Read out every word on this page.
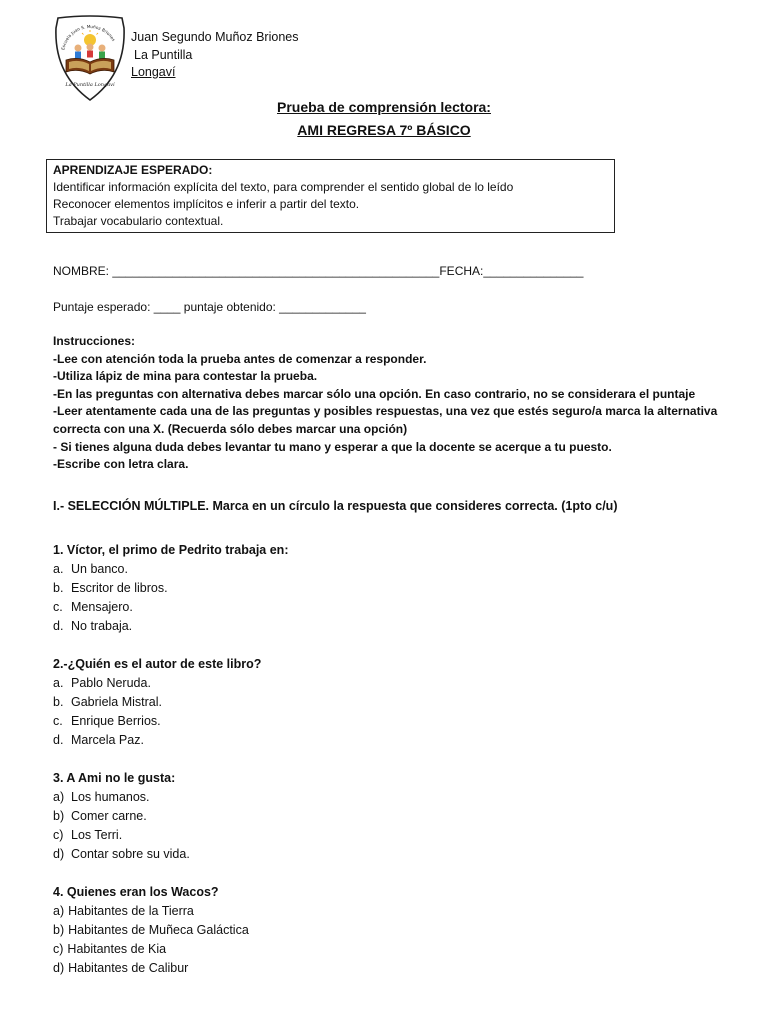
Escuela Juan S. Muñoz Briones
La Puntilla Longaví
Juan Segundo Muñoz Briones
La Puntilla
Longaví
Prueba de comprensión lectora:
AMI REGRESA 7º BÁSICO
APRENDIZAJE ESPERADO:
Identificar información explícita del texto, para comprender el sentido global de lo leído
Reconocer elementos implícitos e inferir a partir del texto.
Trabajar vocabulario contextual.
NOMBRE: _________________________________________________FECHA:_______________
Puntaje esperado: ____ puntaje obtenido: _____________
Instrucciones:
-Lee con atención toda la prueba antes de comenzar a responder.
-Utiliza lápiz de mina para contestar la prueba.
-En las preguntas con alternativa debes marcar sólo una opción. En caso contrario, no se considerara el puntaje
-Leer atentamente cada una de las preguntas y posibles respuestas, una vez que estés seguro/a marca la alternativa
correcta con una X. (Recuerda sólo debes marcar una opción)
- Si tienes alguna duda debes levantar tu mano y esperar a que la docente se acerque a tu puesto.
-Escribe con letra clara.
I.- SELECCIÓN MÚLTIPLE. Marca en un círculo la respuesta que consideres correcta. (1pto c/u)
1. Víctor, el primo de Pedrito trabaja en:
a. Un banco.
b. Escritor de libros.
c. Mensajero.
d. No trabaja.
2.-¿Quién es el autor de este libro?
a. Pablo Neruda.
b. Gabriela Mistral.
c. Enrique Berrios.
d. Marcela Paz.
3. A Ami no le gusta:
a) Los humanos.
b) Comer carne.
c) Los Terri.
d) Contar sobre su vida.
4. Quienes eran los Wacos?
a) Habitantes de la Tierra
b) Habitantes de Muñeca Galáctica
c) Habitantes de Kia
d) Habitantes de Calibur
